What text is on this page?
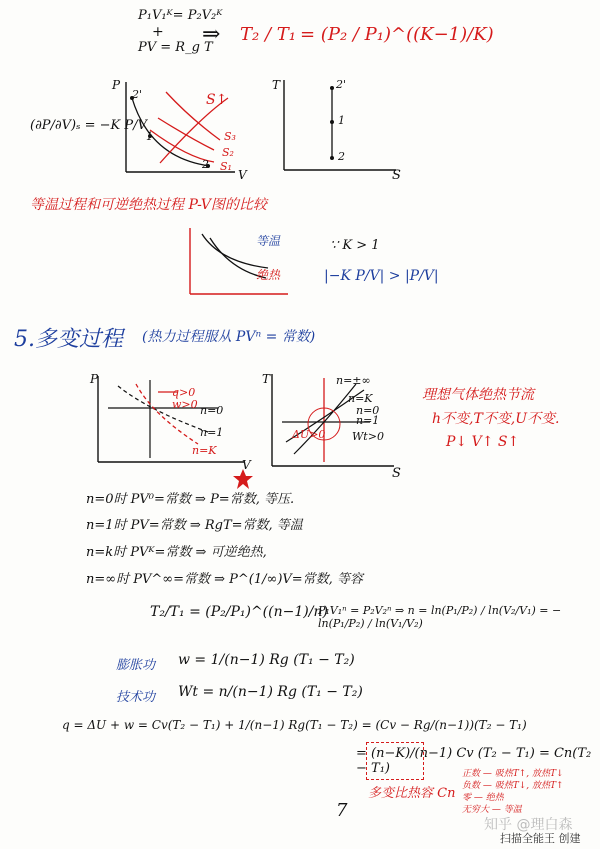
P₁V₁ᴷ= P₂V₂ᴷ
+
PV = R_g T
⇒ T₂ / T₁ = (P₂ / P₁)^((K−1)/K)
(∂P/∂V)ₛ = −K P/V
P
V
S↑
2'
1
2
S₃
S₂
S₁
T
S
2'
1
2
等温过程和可逆绝热过程 P-V图的比较
等温
绝热
∵ K > 1
|−K P/V| > |P/V|
5.多变过程 (热力过程服从 PVⁿ = 常数)
P
V
q>0
w>0 n=0
n=1
n=K
T
S
n=±∞
n=K
n=1
n=0
Wt>0
ΔU>0
理想气体绝热节流
h不变,T不变,U不变.
P↓ V↑ S↑
n=0时 PV⁰=常数 ⇒ P=常数, 等压.
n=1时 PV=常数 ⇒ RgT=常数, 等温
n=k时 PVᴷ=常数 ⇒ 可逆绝热,
n=∞时 PV^∞=常数 ⇒ P^(1/∞)V=常数, 等容
T₂/T₁ = (P₂/P₁)^((n−1)/n)
P₁V₁ⁿ = P₂V₂ⁿ ⇒ n = ln(P₁/P₂) / ln(V₂/V₁) = − ln(P₁/P₂) / ln(V₁/V₂)
膨胀功 w = 1/(n−1) Rg (T₁ − T₂)
技术功 Wt = n/(n−1) Rg (T₁ − T₂)
q = ΔU + w = Cv(T₂ − T₁) + 1/(n−1) Rg(T₁ − T₂) = (Cv − Rg/(n−1))(T₂ − T₁)
= (n−K)/(n−1) Cv (T₂ − T₁) = Cn(T₂ − T₁)
多变比热容 Cn
正数 — 吸热T↑, 放热T↓
负数 — 吸热T↓, 放热T↑
零 — 绝热
无穷大 — 等温
7
知乎 @理白森
扫描全能王 创建
